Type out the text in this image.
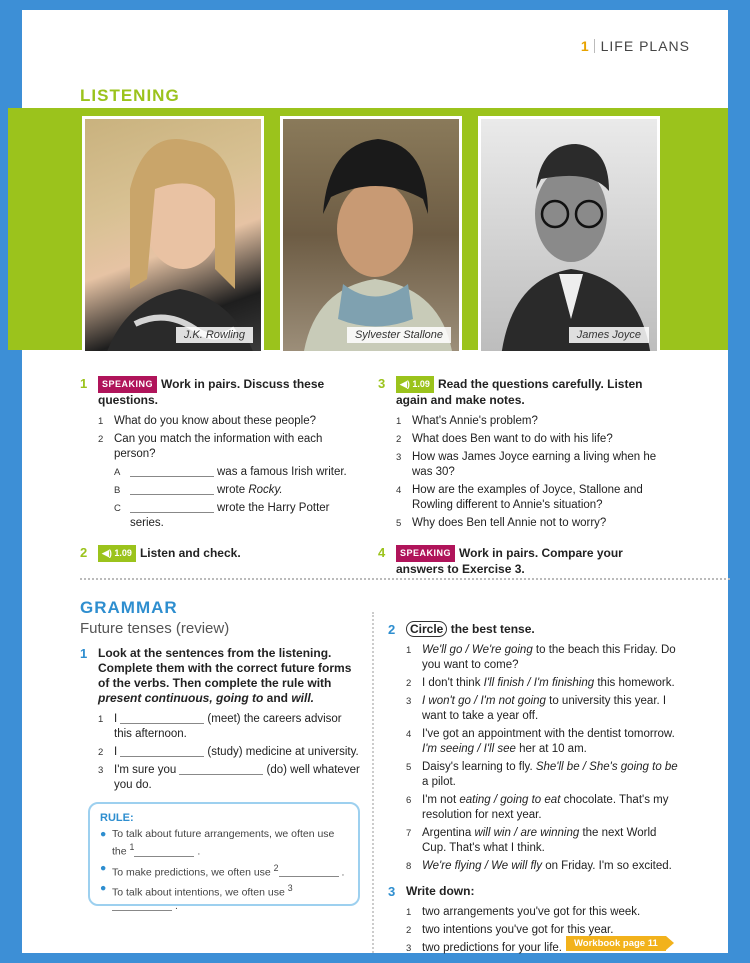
1 LIFE PLANS
LISTENING
J.K. Rowling	Sylvester Stallone	James Joyce
1	SPEAKING Work in pairs. Discuss these questions.
1 What do you know about these people?
2 Can you match the information with each person?
A	was a famous Irish writer.
B	wrote Rocky.
C	wrote the Harry Potter series.
2	◀) 1.09 Listen and check.
3	◀) 1.09 Read the questions carefully. Listen again and make notes.
1 What's Annie's problem?
2 What does Ben want to do with his life?
3 How was James Joyce earning a living when he was 30?
4 How are the examples of Joyce, Stallone and Rowling different to Annie's situation?
5 Why does Ben tell Annie not to worry?
4	SPEAKING Work in pairs. Compare your answers to Exercise 3.
GRAMMAR
Future tenses (review)
1 Look at the sentences from the listening. Complete them with the correct future forms of the verbs. Then complete the rule with present continuous, going to and will.
1 I	(meet) the careers advisor this afternoon.
2 I	(study) medicine at university.
3 I'm sure you	(do) well whatever you do.
RULE:
● To talk about future arrangements, we often use the $^1$	.
● To make predictions, we often use $^2$	.
● To talk about intentions, we often use $^3$.
2	Circle the best tense.
1 We'll go / We're going to the beach this Friday. Do you want to come?
2 I don't think I'll finish / I'm finishing this homework.
3 I won't go / I'm not going to university this year. I want to take a year off.
4 I've got an appointment with the dentist tomorrow. I'm seeing / I'll see her at 10 am.
5 Daisy's learning to fly. She'll be / She's going to be a pilot.
6 I'm not eating / going to eat chocolate. That's my resolution for next year.
7 Argentina will win / are winning the next World Cup. That's what I think.
8 We're flying / We will fly on Friday. I'm so excited.
3 Write down:
1 two arrangements you've got for this week.
2 two intentions you've got for this year.
3 two predictions for your life.	Workbook page 11
